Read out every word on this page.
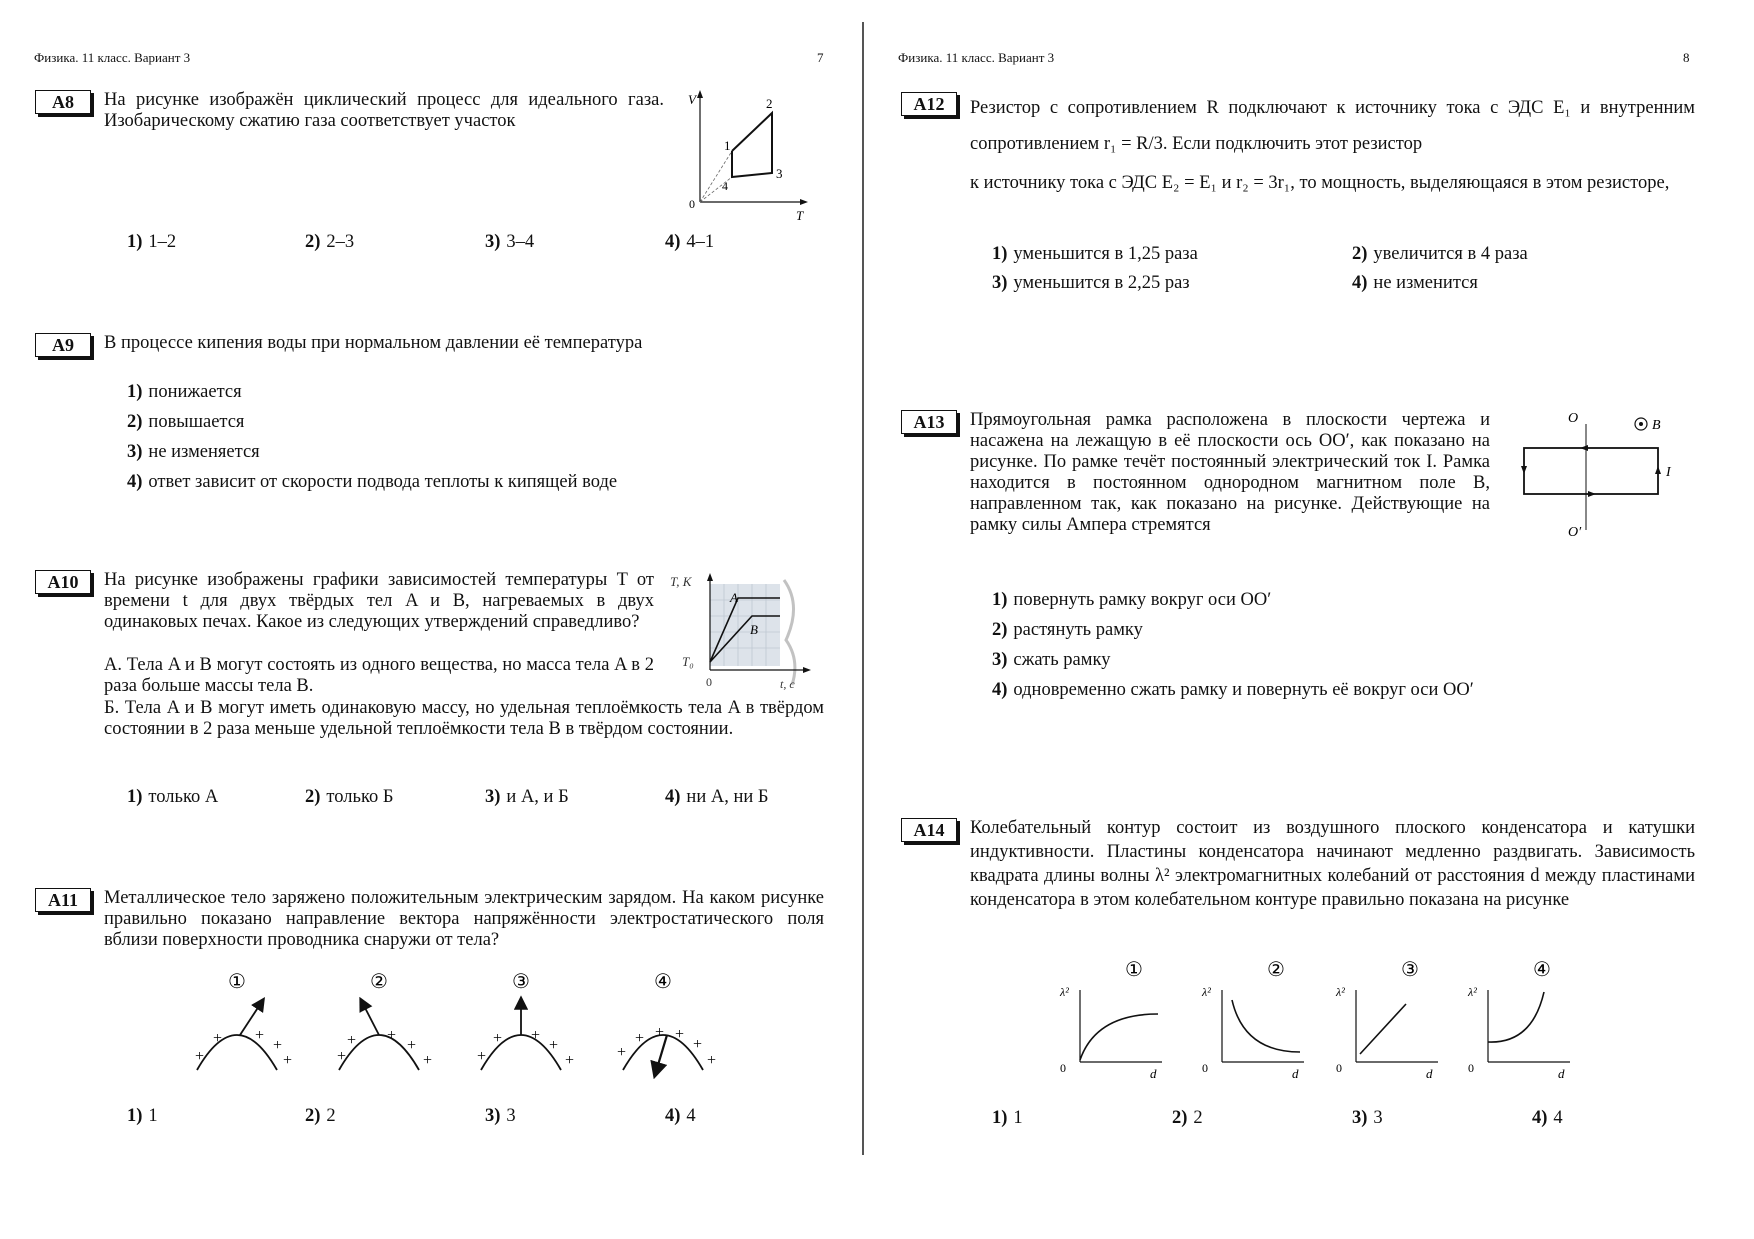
Физика. 11 класс. Вариант 3	7
A8	На рисунке изображён циклический процесс для идеального газа. Изобарическому сжатию газа соответствует участок
V
T
0
1
2
3
4
1) 1–2	2) 2–3	3) 3–4	4) 4–1
A9	В процессе кипения воды при нормальном давлении её температура
1) понижается
2) повышается
3) не изменяется
4) ответ зависит от скорости подвода теплоты к кипящей воде
A10	На рисунке изображены графики зависимостей температуры T от времени t для двух твёрдых тел A и B, нагреваемых в двух одинаковых печах. Какое из следующих утверждений справедливо?
А. Тела A и B могут состоять из одного вещества, но масса тела A в 2 раза больше массы тела B.
Б. Тела A и B могут иметь одинаковую массу, но удельная теплоёмкость тела A в твёрдом состоянии в 2 раза меньше удельной теплоёмкости тела B в твёрдом состоянии.
T, K
t, с
T₀
0
A
B
1) только А	2) только Б	3) и А, и Б	4) ни А, ни Б
A11	Металлическое тело заряжено положительным электрическим зарядом. На каком рисунке правильно показано направление вектора напряжённости электростатического поля вблизи поверхности проводника снаружи от тела?
①
+
+ +
+
+
②
+
+ +
+
+
③
+
+ +
+
+
④
+
+ + +
+
+
1) 1	2) 2	3) 3	4) 4
Физика. 11 класс. Вариант 3	8
A12	Резистор с сопротивлением R подключают к источнику тока с ЭДС E₁ и внутренним сопротивлением r₁ = R/3. Если подключить этот резистор
к источнику тока с ЭДС E₂ = E₁ и r₂ = 3r₁, то мощность, выделяющаяся в этом резисторе,
1) уменьшится в 1,25 раза	2) увеличится в 4 раза
3) уменьшится в 2,25 раз	4) не изменится
A13	Прямоугольная рамка расположена в плоскости чертежа и насажена на лежащую в её плоскости ось OO′, как показано на рисунке. По рамке течёт постоянный электрический ток I. Рамка находится в постоянном однородном магнитном поле B, направленном так, как показано на рисунке. Действующие на рамку силы Ампера стремятся
O
O′
B
I
1) повернуть рамку вокруг оси OO′
2) растянуть рамку
3) сжать рамку
4) одновременно сжать рамку и повернуть её вокруг оси OO′
A14	Колебательный контур состоит из воздушного плоского конденсатора и катушки индуктивности. Пластины конденсатора начинают медленно раздвигать. Зависимость квадрата длины волны λ² электромагнитных колебаний от расстояния d между пластинами конденсатора в этом колебательном контуре правильно показана на рисунке
①
λ²
0	d
②
λ²
0	d
③
λ²
0	d
④
λ²
0	d
1) 1	2) 2	3) 3	4) 4
